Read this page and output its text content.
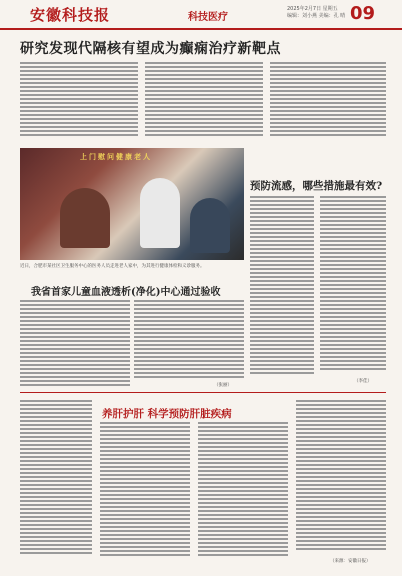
安徽科技报	科技医疗
2025年2月7日 星期五
编辑：刘小燕 美编：孔 晴 09
研究发现代隔核有望成为癫痫治疗新靶点
上门慰问健康老人
近日，合肥市某社区卫生服务中心的医务人员走进老人家中，为其进行健康体检和义诊服务。
预防流感，哪些措施最有效?
（李佳）
我省首家儿童血液透析(净化)中心通过验收
（张丽）
养肝护肝 科学预防肝脏疾病
（来源：安徽日报）
